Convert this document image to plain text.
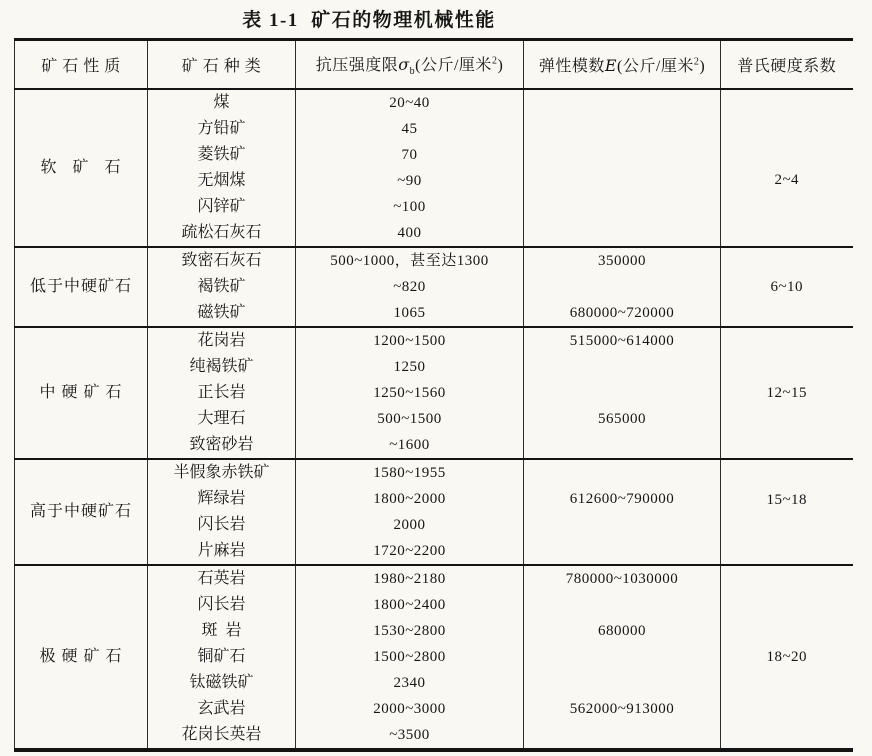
表 1-1  矿石的物理机械性能
矿 石 性 质	矿 石 种 类	抗压强度限$\sigma_b$(公斤/厘米$^2$)	弹性模数E(公斤/厘米$^2$)	普氏硬度系数
软   矿   石	煤	20~40		2~4
	方铅矿	45		
	菱铁矿	70		
	无烟煤	~90		
	闪锌矿	~100		
	疏松石灰石	400		
低于中硬矿石	致密石灰石	500~1000，甚至达1300	350000	6~10
	褐铁矿	~820		
	磁铁矿	1065	680000~720000	
中 硬 矿 石	花岗岩	1200~1500	515000~614000	12~15
	纯褐铁矿	1250		
	正长岩	1250~1560		
	大理石	500~1500	565000	
	致密砂岩	~1600		
高于中硬矿石	半假象赤铁矿	1580~1955		15~18
	辉绿岩	1800~2000	612600~790000	
	闪长岩	2000		
	片麻岩	1720~2200		
极 硬 矿 石	石英岩	1980~2180	780000~1030000	18~20
	闪长岩	1800~2400		
	斑  岩	1530~2800	680000	
	铜矿石	1500~2800		
	钛磁铁矿	2340		
	玄武岩	2000~3000	562000~913000	
	花岗长英岩	~3500		
